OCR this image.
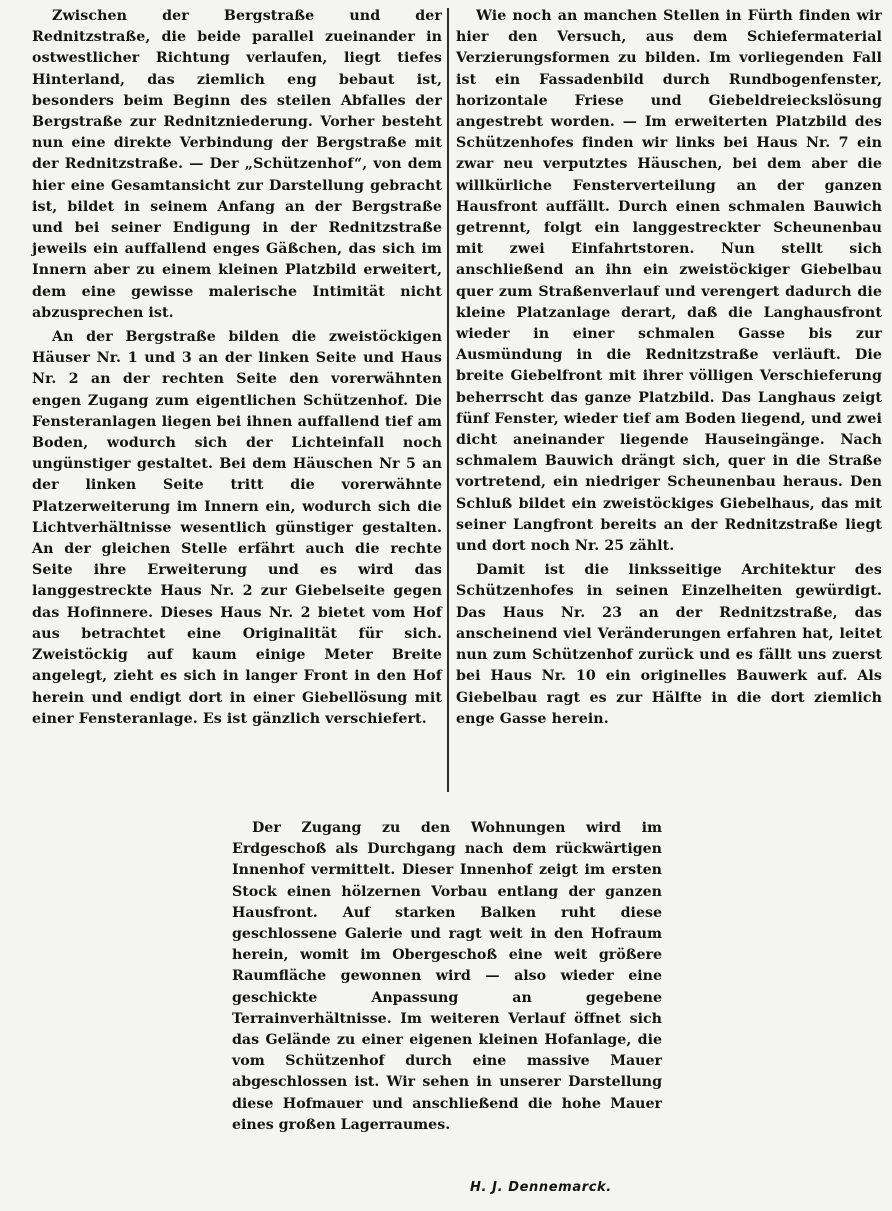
Zwischen der Bergstraße und der Rednitzstraße, die beide parallel zueinander in ostwestlicher Richtung verlaufen, liegt tiefes Hinterland, das ziemlich eng bebaut ist, besonders beim Beginn des steilen Abfalles der Bergstraße zur Rednitzniederung. Vorher besteht nun eine direkte Verbindung der Bergstraße mit der Rednitzstraße. — Der „Schützenhof“, von dem hier eine Gesamtansicht zur Darstellung gebracht ist, bildet in seinem Anfang an der Bergstraße und bei seiner Endigung in der Rednitzstraße jeweils ein auffallend enges Gäßchen, das sich im Innern aber zu einem kleinen Platzbild erweitert, dem eine gewisse malerische Intimität nicht abzusprechen ist.

An der Bergstraße bilden die zweistöckigen Häuser Nr. 1 und 3 an der linken Seite und Haus Nr. 2 an der rechten Seite den vorerwähnten engen Zugang zum eigentlichen Schützenhof. Die Fensteranlagen liegen bei ihnen auffallend tief am Boden, wodurch sich der Lichteinfall noch ungünstiger gestaltet. Bei dem Häuschen Nr 5 an der linken Seite tritt die vorerwähnte Platzerweiterung im Innern ein, wodurch sich die Lichtverhältnisse wesentlich günstiger gestalten. An der gleichen Stelle erfährt auch die rechte Seite ihre Erweiterung und es wird das langgestreckte Haus Nr. 2 zur Giebelseite gegen das Hofinnere. Dieses Haus Nr. 2 bietet vom Hof aus betrachtet eine Originalität für sich. Zweistöckig auf kaum einige Meter Breite angelegt, zieht es sich in langer Front in den Hof herein und endigt dort in einer Giebellösung mit einer Fensteranlage. Es ist gänzlich verschiefert.

Wie noch an manchen Stellen in Fürth finden wir hier den Versuch, aus dem Schiefermaterial Verzierungsformen zu bilden. Im vorliegenden Fall ist ein Fassadenbild durch Rundbogenfenster, horizontale Friese und Giebeldreieckslösung angestrebt worden. — Im erweiterten Platzbild des Schützenhofes finden wir links bei Haus Nr. 7 ein zwar neu verputztes Häuschen, bei dem aber die willkürliche Fensterverteilung an der ganzen Hausfront auffällt. Durch einen schmalen Bauwich getrennt, folgt ein langgestreckter Scheunenbau mit zwei Einfahrtstoren. Nun stellt sich anschließend an ihn ein zweistöckiger Giebelbau quer zum Straßenverlauf und verengert dadurch die kleine Platzanlage derart, daß die Langhausfront wieder in einer schmalen Gasse bis zur Ausmündung in die Rednitzstraße verläuft. Die breite Giebelfront mit ihrer völligen Verschieferung beherrscht das ganze Platzbild. Das Langhaus zeigt fünf Fenster, wieder tief am Boden liegend, und zwei dicht aneinander liegende Hauseingänge. Nach schmalem Bauwich drängt sich, quer in die Straße vortretend, ein niedriger Scheunenbau heraus. Den Schluß bildet ein zweistöckiges Giebelhaus, das mit seiner Langfront bereits an der Rednitzstraße liegt und dort noch Nr. 25 zählt.

Damit ist die linksseitige Architektur des Schützenhofes in seinen Einzelheiten gewürdigt. Das Haus Nr. 23 an der Rednitzstraße, das anscheinend viel Veränderungen erfahren hat, leitet nun zum Schützenhof zurück und es fällt uns zuerst bei Haus Nr. 10 ein originelles Bauwerk auf. Als Giebelbau ragt es zur Hälfte in die dort ziemlich enge Gasse herein.

Der Zugang zu den Wohnungen wird im Erdgeschoß als Durchgang nach dem rückwärtigen Innenhof vermittelt. Dieser Innenhof zeigt im ersten Stock einen hölzernen Vorbau entlang der ganzen Hausfront. Auf starken Balken ruht diese geschlossene Galerie und ragt weit in den Hofraum herein, womit im Obergeschoß eine weit größere Raumfläche gewonnen wird — also wieder eine geschickte Anpassung an gegebene Terrainverhältnisse. Im weiteren Verlauf öffnet sich das Gelände zu einer eigenen kleinen Hofanlage, die vom Schützenhof durch eine massive Mauer abgeschlossen ist. Wir sehen in unserer Darstellung diese Hofmauer und anschließend die hohe Mauer eines großen Lagerraumes.

H. J. Dennemarck.
